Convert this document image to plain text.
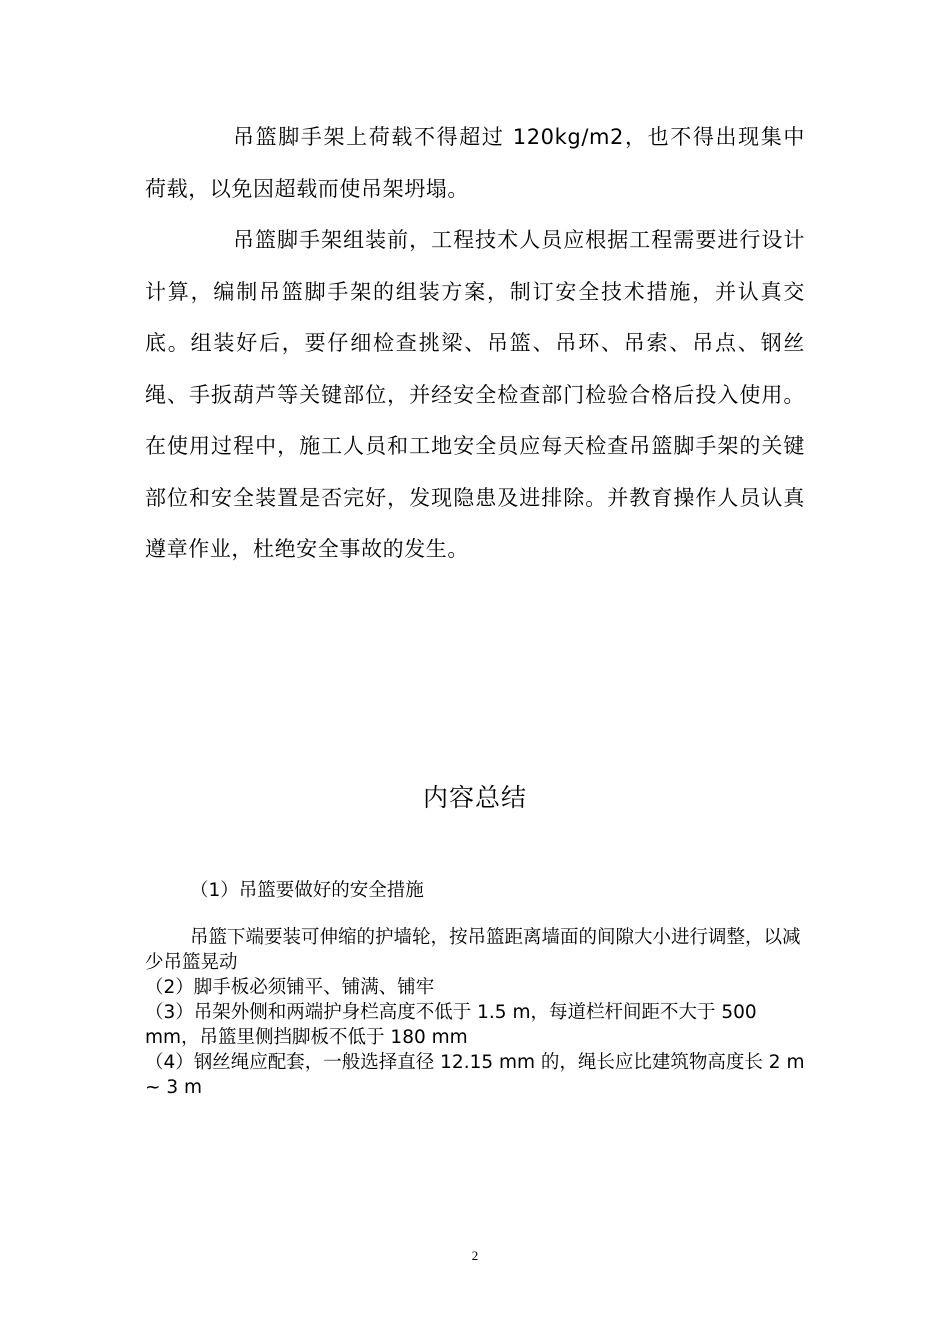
吊篮脚手架上荷载不得超过 120kg/m2，也不得出现集中荷载，以免因超载而使吊架坍塌。

吊篮脚手架组装前，工程技术人员应根据工程需要进行设计计算，编制吊篮脚手架的组装方案，制订安全技术措施，并认真交底。组装好后，要仔细检查挑梁、吊篮、吊环、吊索、吊点、钢丝绳、手扳葫芦等关键部位，并经安全检查部门检验合格后投入使用。在使用过程中，施工人员和工地安全员应每天检查吊篮脚手架的关键部位和安全装置是否完好，发现隐患及进排除。并教育操作人员认真遵章作业，杜绝安全事故的发生。

内容总结

（1）吊篮要做好的安全措施

吊篮下端要装可伸缩的护墙轮，按吊篮距离墙面的间隙大小进行调整，以减少吊篮晃动

（2）脚手板必须铺平、铺满、铺牢

（3）吊架外侧和两端护身栏高度不低于 1.5 m，每道栏杆间距不大于 500 mm，吊篮里侧挡脚板不低于 180 mm

（4）钢丝绳应配套，一般选择直径 12.15 mm 的，绳长应比建筑物高度长 2 m ~ 3 m

2
